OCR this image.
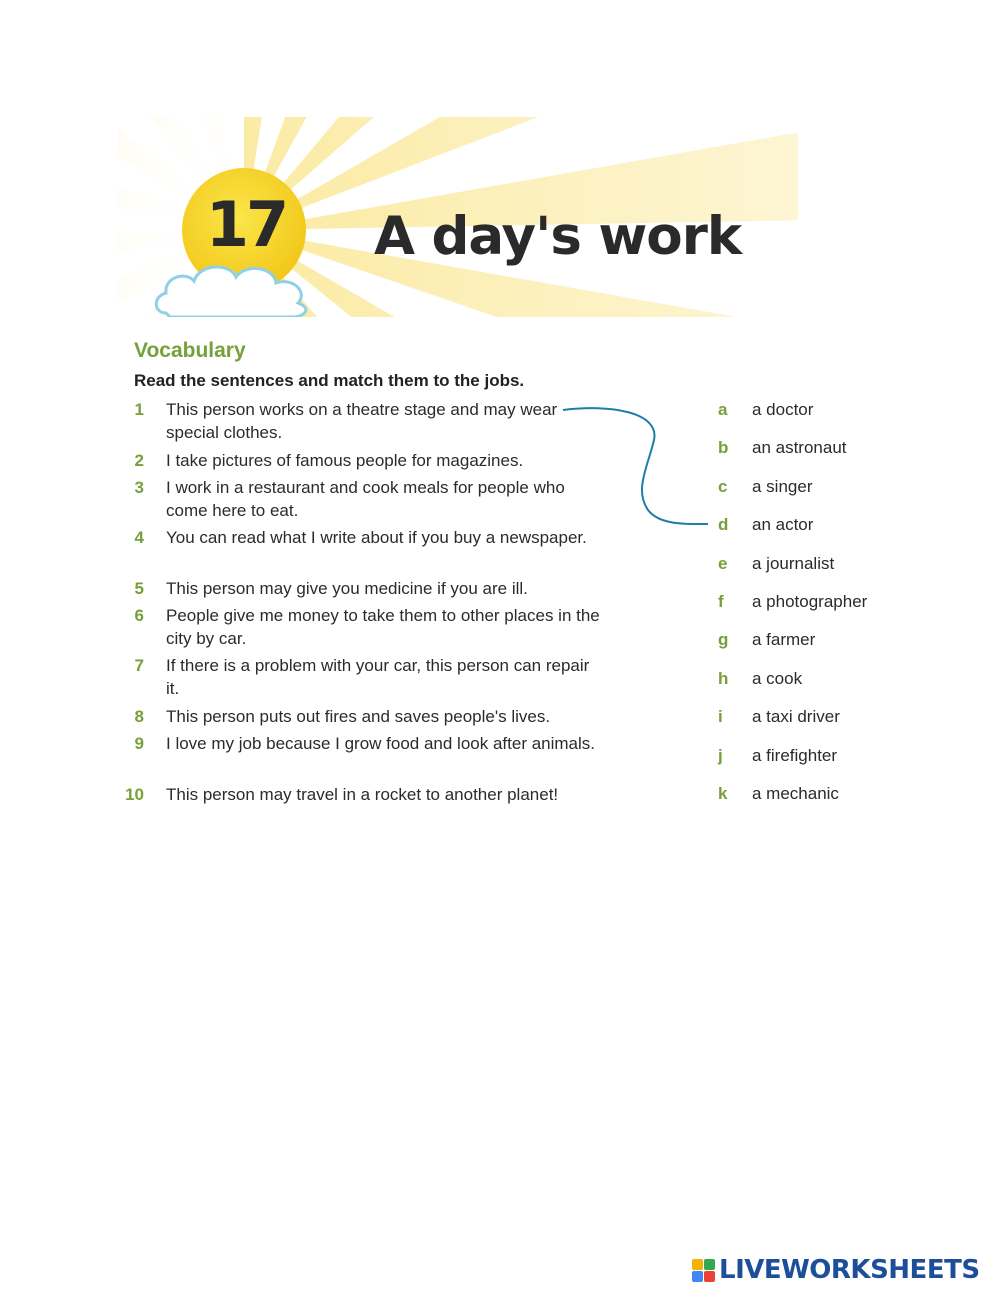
17	A day's work
Vocabulary
Read the sentences and match them to the jobs.
1 This person works on a theatre stage and may wear special clothes.
2 I take pictures of famous people for magazines.
3 I work in a restaurant and cook meals for people who come here to eat.
4 You can read what I write about if you buy a newspaper.
5 This person may give you medicine if you are ill.
6 People give me money to take them to other places in the city by car.
7 If there is a problem with your car, this person can repair it.
8 This person puts out fires and saves people's lives.
9 I love my job because I grow food and look after animals.
10 This person may travel in a rocket to another planet!
a a doctor
b an astronaut
c a singer
d an actor
e a journalist
f a photographer
g a farmer
h a cook
i a taxi driver
j a firefighter
k a mechanic
LIVEWORKSHEETS
